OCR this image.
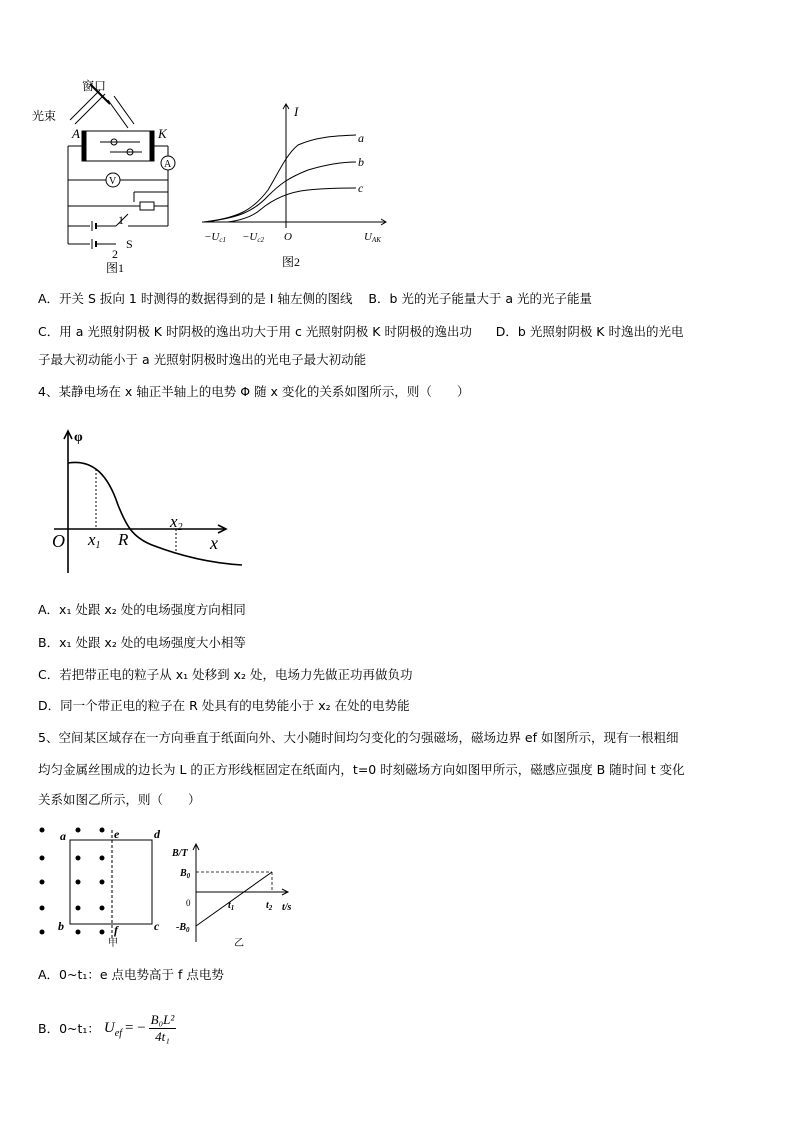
窗口
光束
A	K
A
V
1
2
S
图1
I
a
b
c
−Uc1 −Uc2 O	UAK
图2
A．开关 S 扳向 1 时测得的数据得到的是 I 轴左侧的图线 B．b 光的光子能量大于 a 光的光子能量
C．用 a 光照射阴极 K 时阴极的逸出功大于用 c 光照射阴极 K 时阴极的逸出功 D．b 光照射阴极 K 时逸出的光电
子最大初动能小于 a 光照射阴极时逸出的光电子最大初动能
4、某静电场在 x 轴正半轴上的电势 Φ 随 x 变化的关系如图所示，则（　　）
φ
O x1 R
x2
x
A．x₁ 处跟 x₂ 处的电场强度方向相同
B．x₁ 处跟 x₂ 处的电场强度大小相等
C．若把带正电的粒子从 x₁ 处移到 x₂ 处，电场力先做正功再做负功
D．同一个带正电的粒子在 R 处具有的电势能小于 x₂ 在处的电势能
5、空间某区域存在一方向垂直于纸面向外、大小随时间均匀变化的匀强磁场，磁场边界 ef 如图所示，现有一根粗细
均匀金属丝围成的边长为 L 的正方形线框固定在纸面内，t=0 时刻磁场方向如图甲所示，磁感应强度 B 随时间 t 变化
关系如图乙所示，则（　　）
a
b	c
d
e
f
甲
B/T
$B_0$
0
$-B_0$
$t_1$	$t_2$ t/s
乙
A．0~t₁：e 点电势高于 f 点电势
B．0~t₁： U ef = − $\frac{\text{B₀L²}}{\text{4t₁}}$
